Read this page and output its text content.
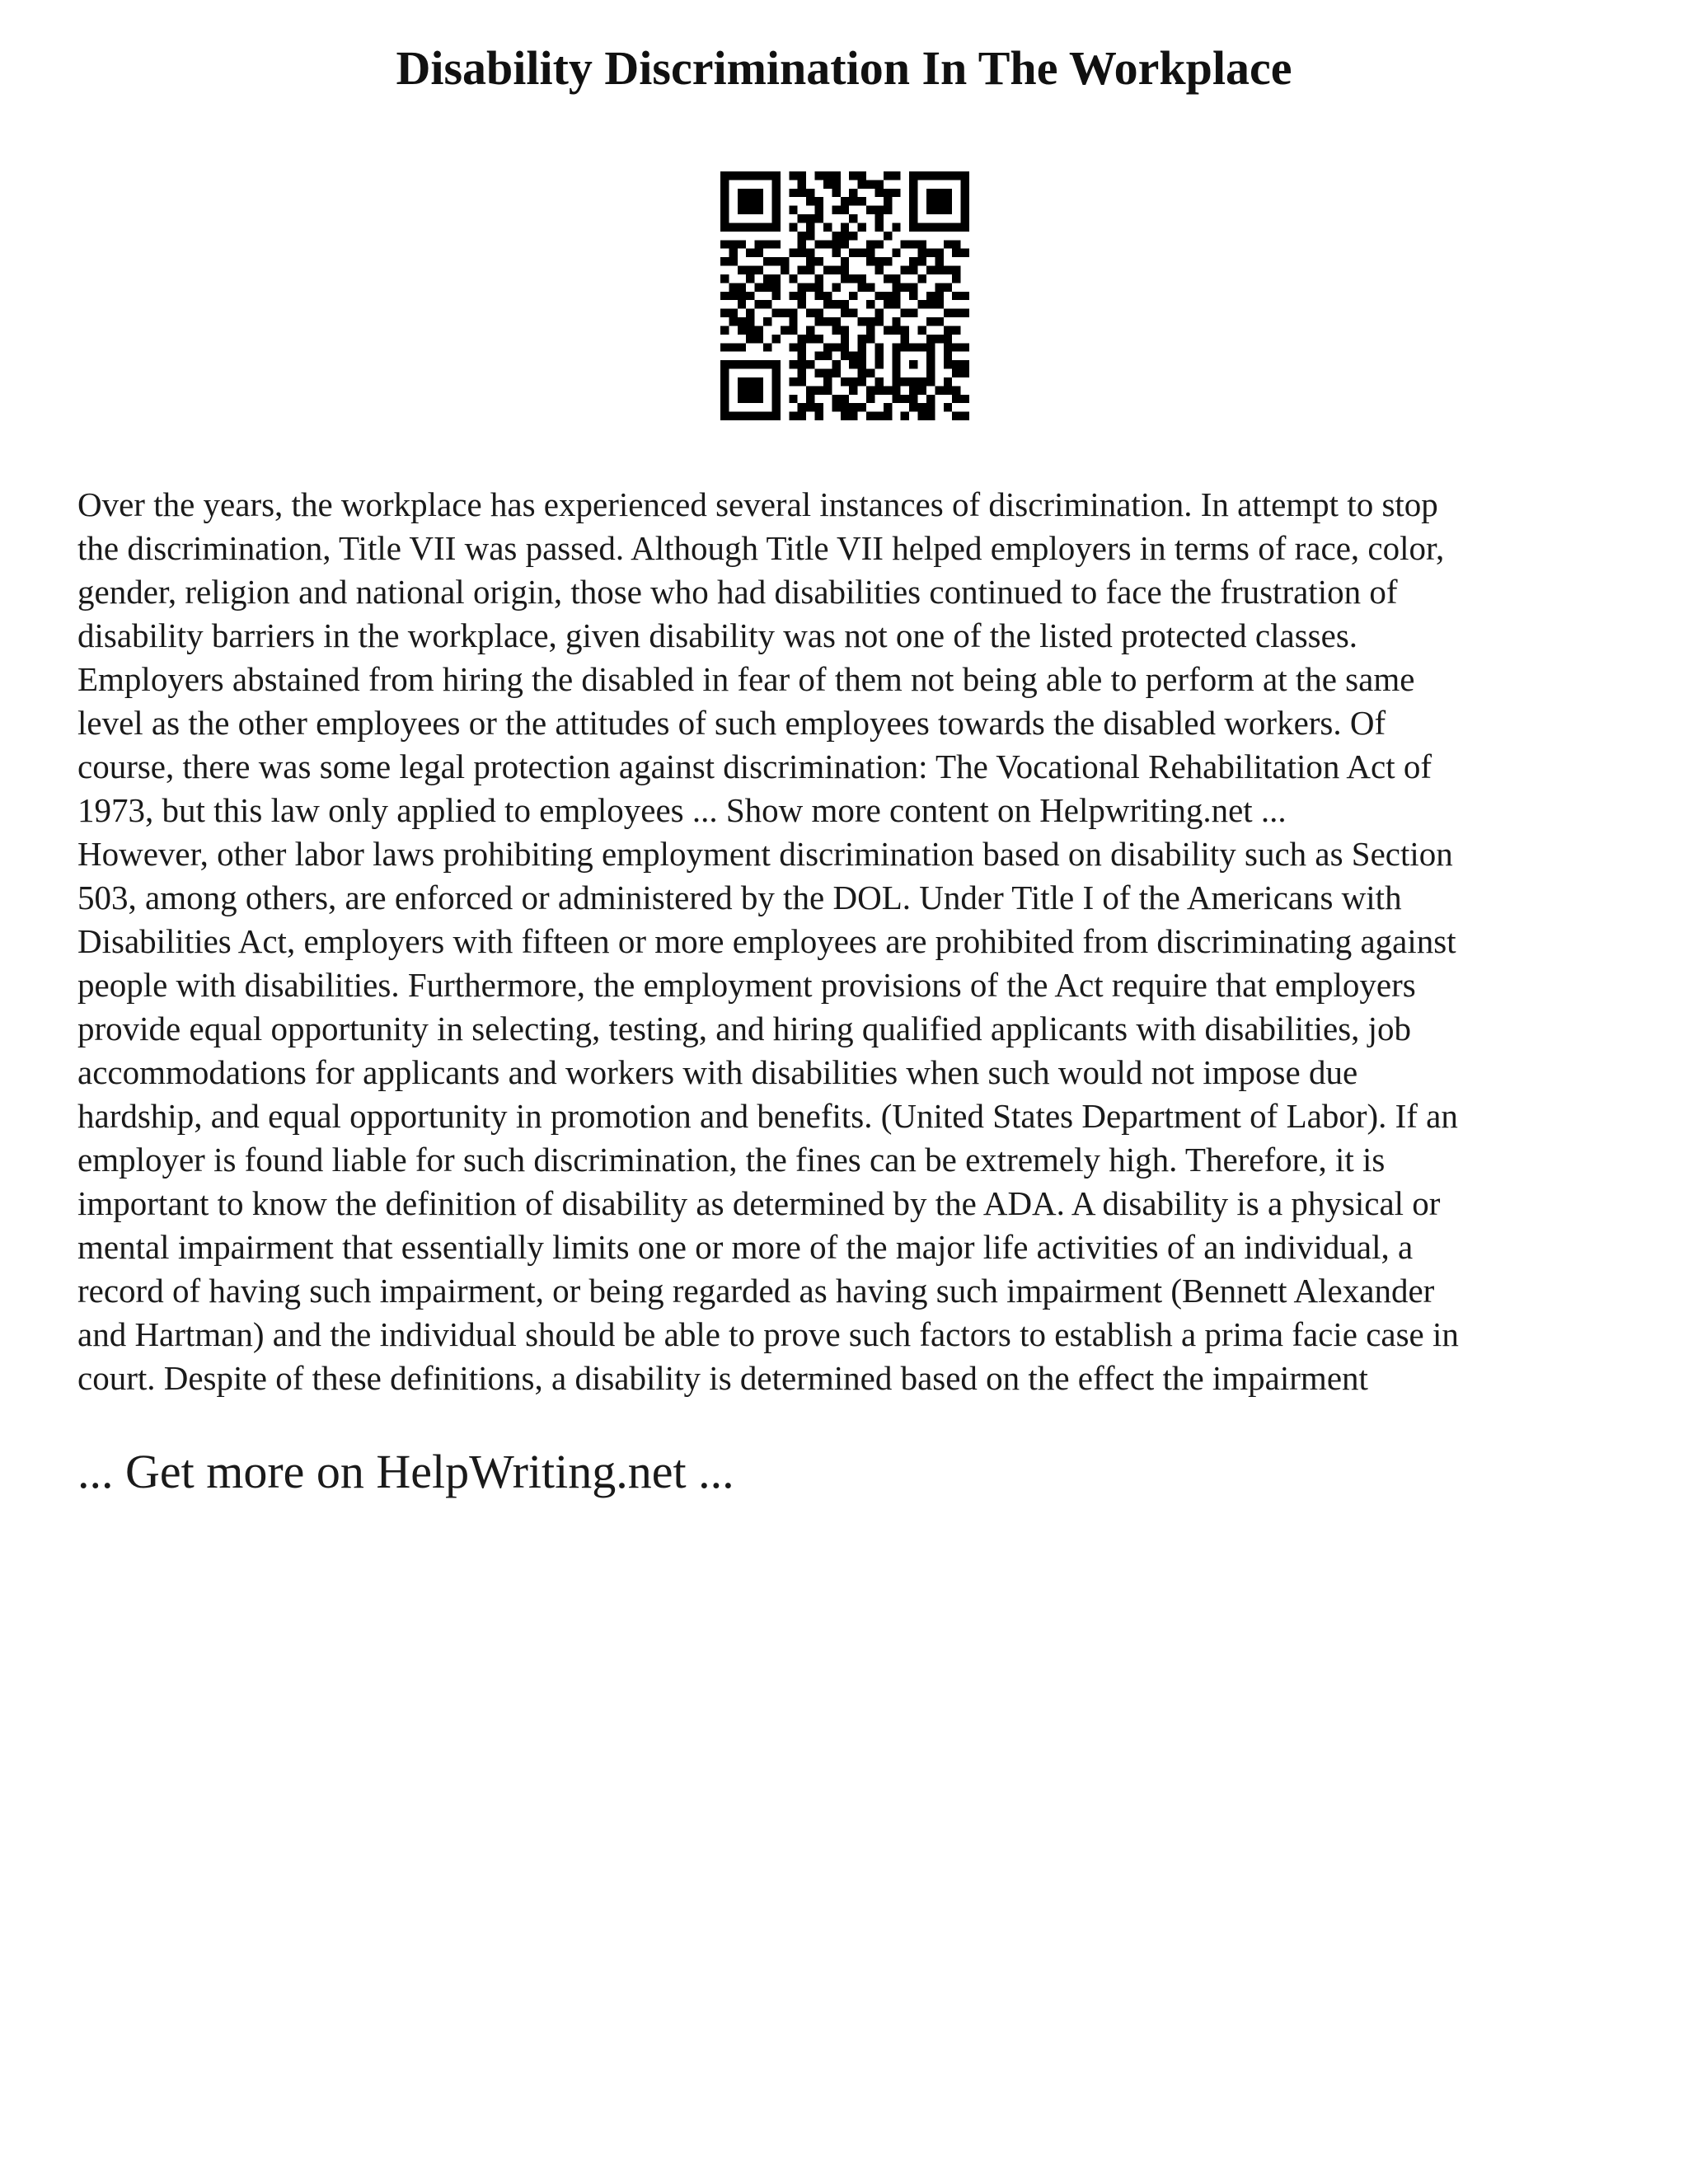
Disability Discrimination In The Workplace

Over the years, the workplace has experienced several instances of discrimination. In attempt to stop
the discrimination, Title VII was passed. Although Title VII helped employers in terms of race, color,
gender, religion and national origin, those who had disabilities continued to face the frustration of
disability barriers in the workplace, given disability was not one of the listed protected classes.
Employers abstained from hiring the disabled in fear of them not being able to perform at the same
level as the other employees or the attitudes of such employees towards the disabled workers. Of
course, there was some legal protection against discrimination: The Vocational Rehabilitation Act of
1973, but this law only applied to employees ... Show more content on Helpwriting.net ...
However, other labor laws prohibiting employment discrimination based on disability such as Section
503, among others, are enforced or administered by the DOL. Under Title I of the Americans with
Disabilities Act, employers with fifteen or more employees are prohibited from discriminating against
people with disabilities. Furthermore, the employment provisions of the Act require that employers
provide equal opportunity in selecting, testing, and hiring qualified applicants with disabilities, job
accommodations for applicants and workers with disabilities when such would not impose due
hardship, and equal opportunity in promotion and benefits. (United States Department of Labor). If an
employer is found liable for such discrimination, the fines can be extremely high. Therefore, it is
important to know the definition of disability as determined by the ADA. A disability is a physical or
mental impairment that essentially limits one or more of the major life activities of an individual, a
record of having such impairment, or being regarded as having such impairment (Bennett Alexander
and Hartman) and the individual should be able to prove such factors to establish a prima facie case in
court. Despite of these definitions, a disability is determined based on the effect the impairment

... Get more on HelpWriting.net ...
